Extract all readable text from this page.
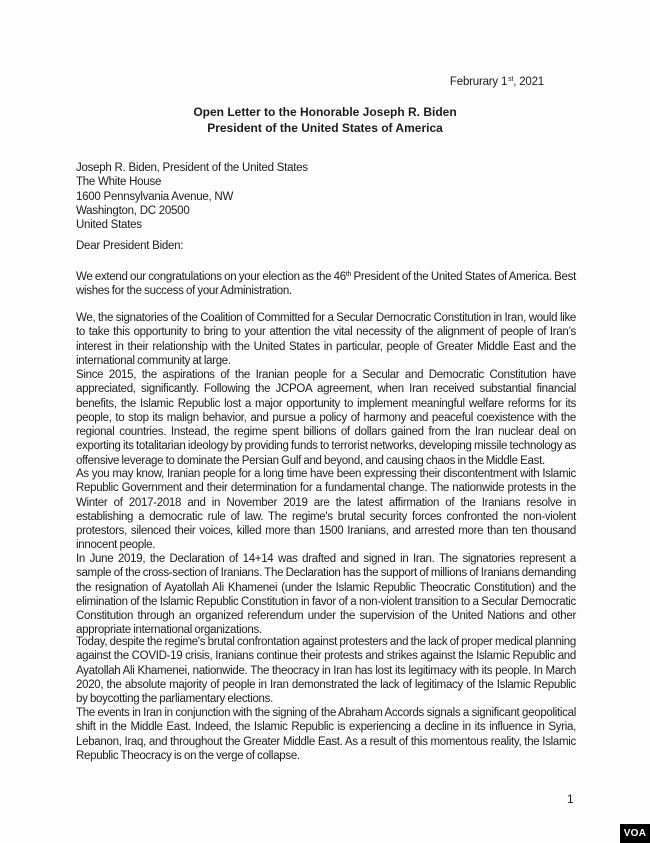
Februrary 1st, 2021
Open Letter to the Honorable Joseph R. Biden
President of the United States of America
Joseph R. Biden, President of the United States
The White House
1600 Pennsylvania Avenue, NW
Washington, DC 20500
United States
Dear President Biden:
We extend our congratulations on your election as the 46th President of the United States of America. Best wishes for the success of your Administration.
We, the signatories of the Coalition of Committed for a Secular Democratic Constitution in Iran, would like to take this opportunity to bring to your attention the vital necessity of the alignment of people of Iran’s interest in their relationship with the United States in particular, people of Greater Middle East and the international community at large.
Since 2015, the aspirations of the Iranian people for a Secular and Democratic Constitution have appreciated, significantly. Following the JCPOA agreement, when Iran received substantial financial benefits, the Islamic Republic lost a major opportunity to implement meaningful welfare reforms for its people, to stop its malign behavior, and pursue a policy of harmony and peaceful coexistence with the regional countries. Instead, the regime spent billions of dollars gained from the Iran nuclear deal on exporting its totalitarian ideology by providing funds to terrorist networks, developing missile technology as offensive leverage to dominate the Persian Gulf and beyond, and causing chaos in the Middle East.
As you may know, Iranian people for a long time have been expressing their discontentment with Islamic Republic Government and their determination for a fundamental change. The nationwide protests in the Winter of 2017-2018 and in November 2019 are the latest affirmation of the Iranians resolve in establishing a democratic rule of law. The regime's brutal security forces confronted the non-violent protestors, silenced their voices, killed more than 1500 Iranians, and arrested more than ten thousand innocent people.
In June 2019, the Declaration of 14+14 was drafted and signed in Iran. The signatories represent a sample of the cross-section of Iranians. The Declaration has the support of millions of Iranians demanding the resignation of Ayatollah Ali Khamenei (under the Islamic Republic Theocratic Constitution) and the elimination of the Islamic Republic Constitution in favor of a non-violent transition to a Secular Democratic Constitution through an organized referendum under the supervision of the United Nations and other appropriate international organizations.
Today, despite the regime's brutal confrontation against protesters and the lack of proper medical planning against the COVID-19 crisis, Iranians continue their protests and strikes against the Islamic Republic and Ayatollah Ali Khamenei, nationwide. The theocracy in Iran has lost its legitimacy with its people. In March 2020, the absolute majority of people in Iran demonstrated the lack of legitimacy of the Islamic Republic by boycotting the parliamentary elections.
The events in Iran in conjunction with the signing of the Abraham Accords signals a significant geopolitical shift in the Middle East. Indeed, the Islamic Republic is experiencing a decline in its influence in Syria, Lebanon, Iraq, and throughout the Greater Middle East. As a result of this momentous reality, the Islamic Republic Theocracy is on the verge of collapse.
1
VOA
